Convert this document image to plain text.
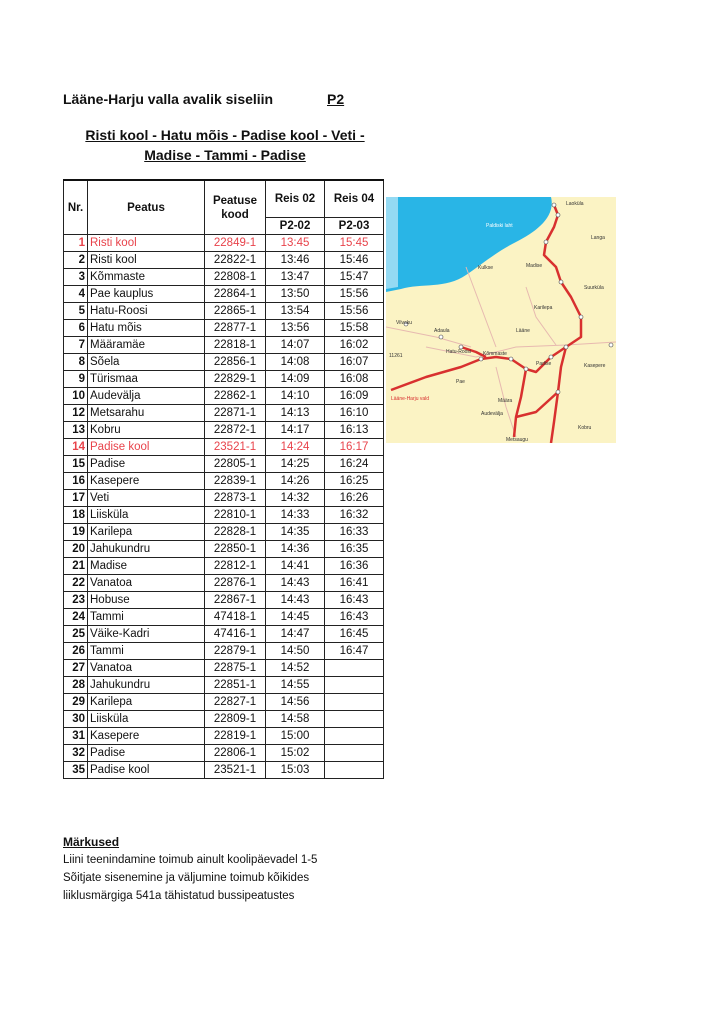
Lääne-Harju valla avalik siseliin	P2
Risti kool - Hatu mõis - Padise kool - Veti -
Madise - Tammi - Padise
Nr.	Peatus	Peatuse kood	Reis 02	Reis 04
			P2-02	P2-03
1	Risti kool	22849-1	13:45	15:45
2	Risti kool	22822-1	13:46	15:46
3	Kõmmaste	22808-1	13:47	15:47
4	Pae kauplus	22864-1	13:50	15:56
5	Hatu-Roosi	22865-1	13:54	15:56
6	Hatu mõis	22877-1	13:56	15:58
7	Määramäe	22818-1	14:07	16:02
8	Sõela	22856-1	14:08	16:07
9	Türismaa	22829-1	14:09	16:08
10	Audevälja	22862-1	14:10	16:09
12	Metsarahu	22871-1	14:13	16:10
13	Kobru	22872-1	14:17	16:13
14	Padise kool	23521-1	14:24	16:17
15	Padise	22805-1	14:25	16:24
16	Kasepere	22839-1	14:26	16:25
17	Veti	22873-1	14:32	16:26
18	Liisküla	22810-1	14:33	16:32
19	Karilepa	22828-1	14:35	16:33
20	Jahukundru	22850-1	14:36	16:35
21	Madise	22812-1	14:41	16:36
22	Vanatoa	22876-1	14:43	16:41
23	Hobuse	22867-1	14:43	16:43
24	Tammi	47418-1	14:45	16:43
25	Väike-Kadri	47416-1	14:47	16:45
26	Tammi	22879-1	14:50	16:47
27	Vanatoa	22875-1	14:52	
28	Jahukundru	22851-1	14:55	
29	Karilepa	22827-1	14:56	
30	Liisküla	22809-1	14:58	
31	Kasepere	22819-1	15:00	
32	Padise	22806-1	15:02	
35	Padise kool	23521-1	15:03	
Paldiski laht
Laoküla
Langa
Madise
Kulkse
Suurküla
Karilepa
Vilvaku
Adaula	Lääne
Hatu-Roosi Kõmmaste
Padise	Kasepere
Pae
Määra
Audevälja
Lääne-Harju vald
Kobru
Metsaugu
11261
Märkused
Liini teenindamine toimub ainult koolipäevadel 1-5
Sõitjate sisenemine ja väljumine toimub kõikides
liiklusmärgiga 541a tähistatud bussipeatustes
